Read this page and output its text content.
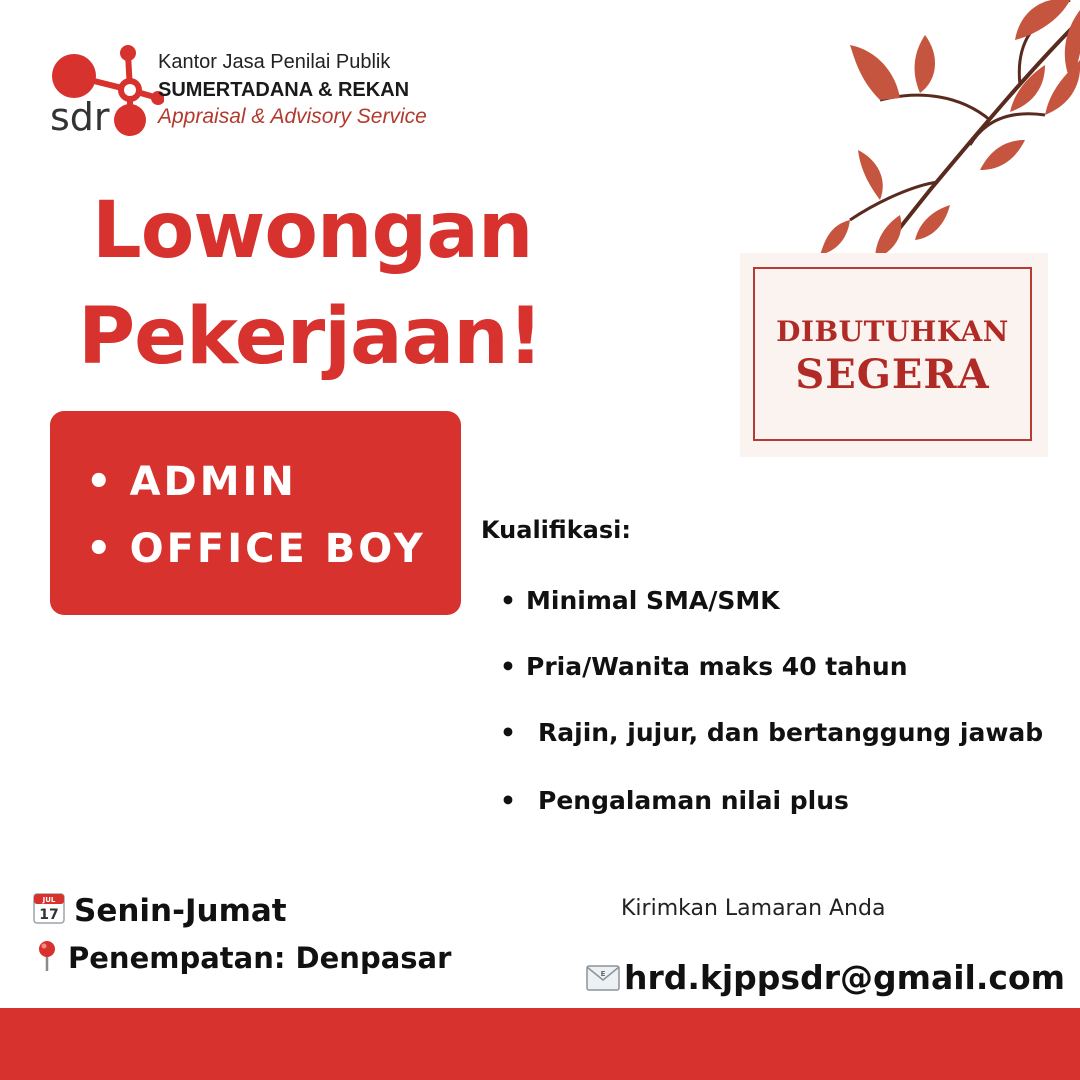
sdr
Kantor Jasa Penilai Publik
SUMERTADANA & REKAN
Appraisal & Advisory Service
Lowongan
Pekerjaan!
• ADMIN
• OFFICE BOY
DIBUTUHKAN
SEGERA
Kualifikasi:
• Minimal SMA/SMK
• Pria/Wanita maks 40 tahun
• Rajin, jujur, dan bertanggung jawab
• Pengalaman nilai plus
JUL
17 Senin-Jumat
Penempatan: Denpasar
Kirimkan Lamaran Anda
E hrd.kjppsdr@gmail.com
